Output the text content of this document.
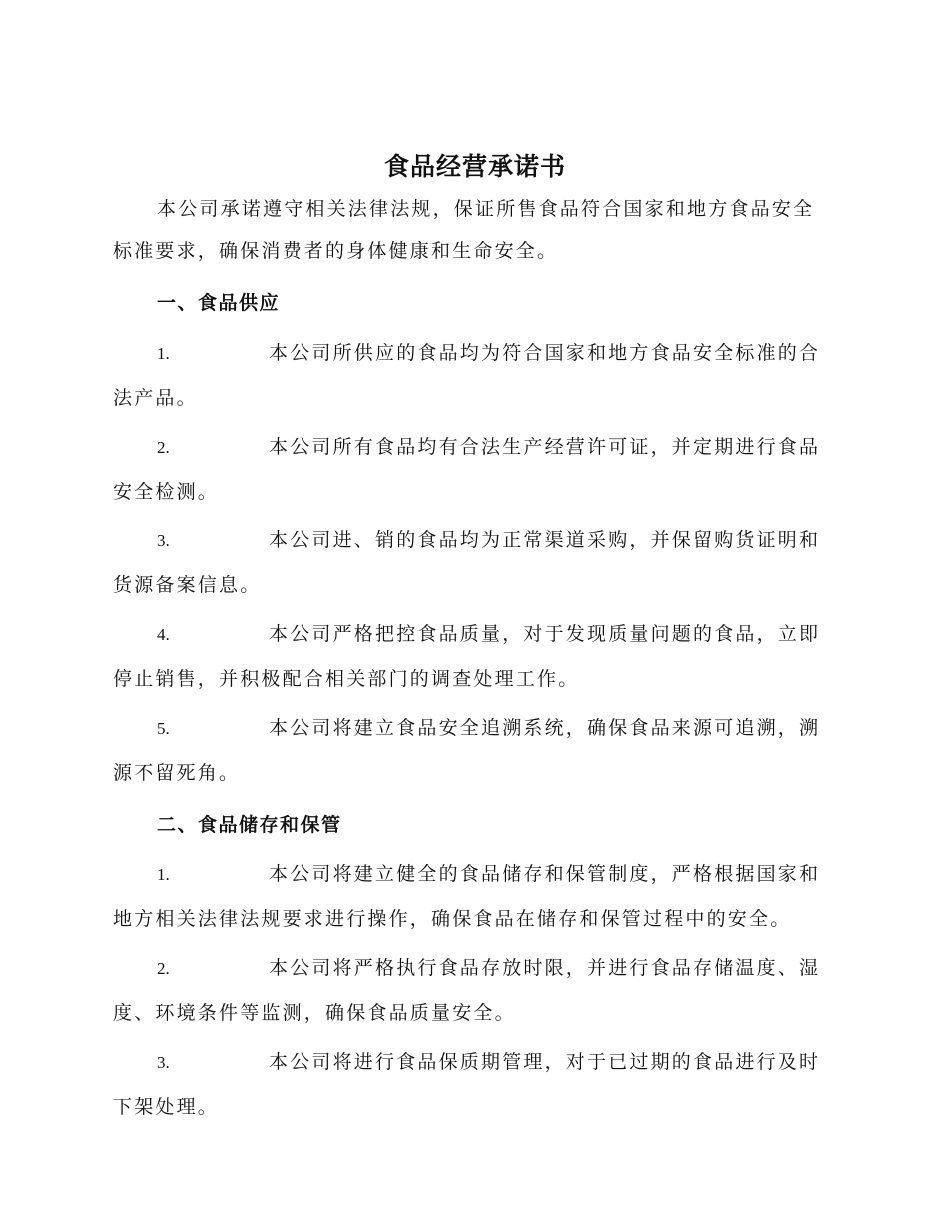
食品经营承诺书

本公司承诺遵守相关法律法规，保证所售食品符合国家和地方食品安全标准要求，确保消费者的身体健康和生命安全。

一、食品供应
1.	本公司所供应的食品均为符合国家和地方食品安全标准的合法产品。
2.	本公司所有食品均有合法生产经营许可证，并定期进行食品安全检测。
3.	本公司进、销的食品均为正常渠道采购，并保留购货证明和货源备案信息。
4.	本公司严格把控食品质量，对于发现质量问题的食品，立即停止销售，并积极配合相关部门的调查处理工作。
5.	本公司将建立食品安全追溯系统，确保食品来源可追溯，溯源不留死角。
二、食品储存和保管
1.	本公司将建立健全的食品储存和保管制度，严格根据国家和地方相关法律法规要求进行操作，确保食品在储存和保管过程中的安全。
2.	本公司将严格执行食品存放时限，并进行食品存储温度、湿度、环境条件等监测，确保食品质量安全。
3.	本公司将进行食品保质期管理，对于已过期的食品进行及时下架处理。
